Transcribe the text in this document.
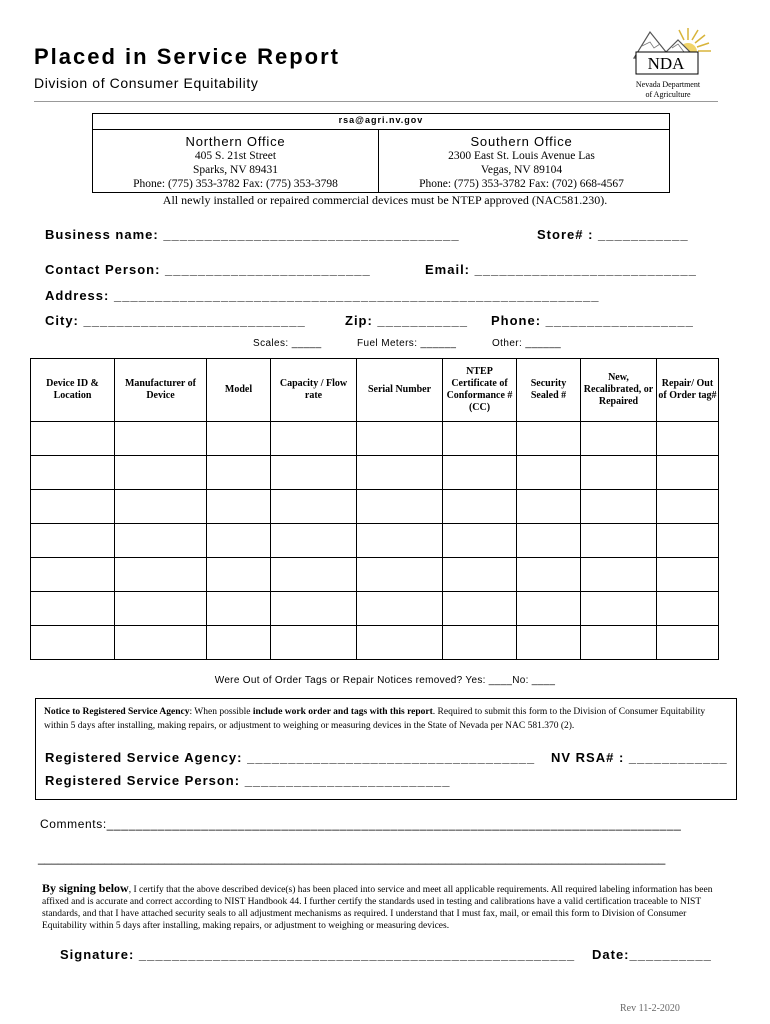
Placed in Service Report
Division of Consumer Equitability
NDA
Nevada Department
of Agriculture
rsa@agri.nv.gov
Northern Office
405 S. 21st Street
Sparks, NV 89431
Phone: (775) 353-3782 Fax: (775) 353-3798
Southern Office
2300 East St. Louis Avenue Las
Vegas, NV 89104
Phone: (775) 353-3782 Fax: (702) 668-4567
All newly installed or repaired commercial devices must be NTEP approved (NAC581.230).
Business name: ____________________________________	Store# : ___________
Contact Person: _________________________	Email: ___________________________
Address: ___________________________________________________________
City: ___________________________	Zip: ___________ Phone: __________________
Scales: _____	Fuel Meters: ______	Other: ______
Device ID & Location	Manufacturer of Device	Model	Capacity / Flow rate	Serial Number	NTEP Certificate of Conformance # (CC)	Security Sealed #	New, Recalibrated, or Repaired	Repair/ Out of Order tag#

Were Out of Order Tags or Repair Notices removed? Yes: ____No: ____
Notice to Registered Service Agency: When possible include work order and tags with this report. Required to submit this form to the Division of Consumer Equitability within 5 days after installing, making repairs, or adjustment to weighing or measuring devices in the State of Nevada per NAC 581.370 (2).
Registered Service Agency: ___________________________________ NV RSA# : ____________
Registered Service Person: _________________________
Comments:_______________________________________________________________________________
______________________________________________________________________________________________
By signing below, I certify that the above described device(s) has been placed into service and meet all applicable requirements. All required labeling information has been affixed and is accurate and correct according to NIST Handbook 44. I further certify the standards used in testing and calibrations have a valid certification traceable to NIST standards, and that I have attached security seals to all adjustment mechanisms as required. I understand that I must fax, mail, or email this form to Division of Consumer Equitability within 5 days after installing, making repairs, or adjustment to weighing or measuring devices.
Signature: _____________________________________________________ Date:__________
Rev 11-2-2020
